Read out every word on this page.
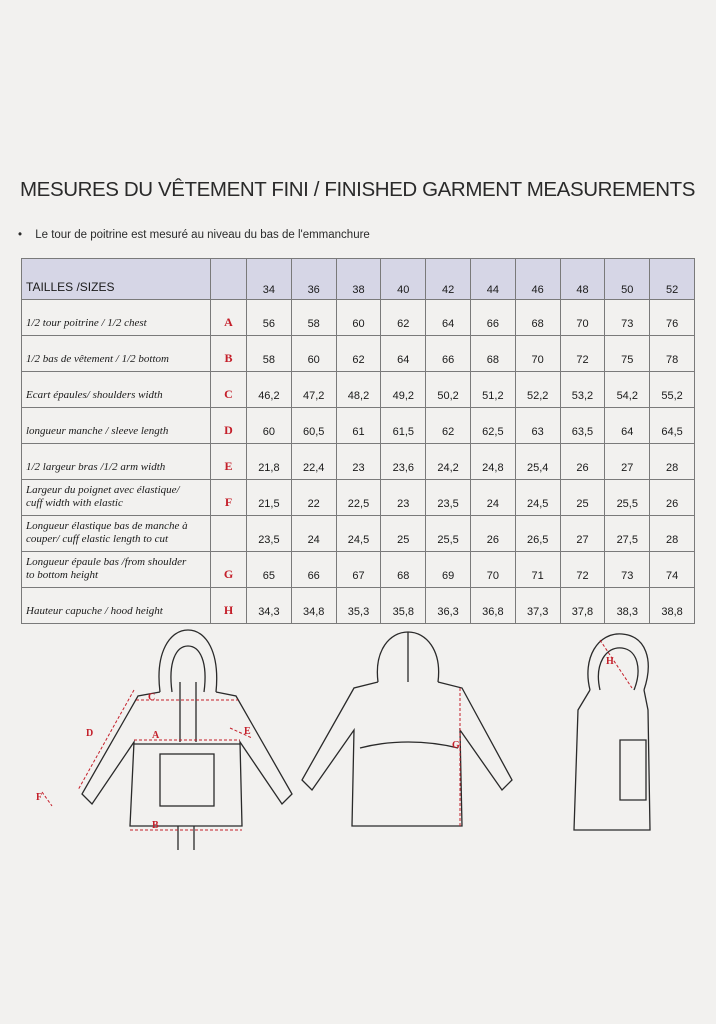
MESURES DU VÊTEMENT FINI / FINISHED GARMENT MEASUREMENTS
• Le tour de poitrine est mesuré au niveau du bas de l'emmanchure
TAILLES /SIZES		34	36	38	40	42	44	46	48	50	52
1/2 tour poitrine / 1/2 chest	A	56	58	60	62	64	66	68	70	73	76
1/2 bas de vêtement / 1/2 bottom	B	58	60	62	64	66	68	70	72	75	78
Ecart épaules/ shoulders width	C	46,2	47,2	48,2	49,2	50,2	51,2	52,2	53,2	54,2	55,2
longueur manche / sleeve length	D	60	60,5	61	61,5	62	62,5	63	63,5	64	64,5
1/2 largeur bras /1/2 arm width	E	21,8	22,4	23	23,6	24,2	24,8	25,4	26	27	28
Largeur du poignet avec élastique/
cuff width with elastic	F	21,5	22	22,5	23	23,5	24	24,5	25	25,5	26
Longueur élastique bas de manche à
couper/ cuff elastic length to cut		23,5	24	24,5	25	25,5	26	26,5	27	27,5	28
Longueur épaule bas /from shoulder
to bottom height	G	65	66	67	68	69	70	71	72	73	74
Hauteur capuche / hood height	H	34,3	34,8	35,3	35,8	36,3	36,8	37,3	37,8	38,3	38,8
A
B
C
D	E
F
G
H
